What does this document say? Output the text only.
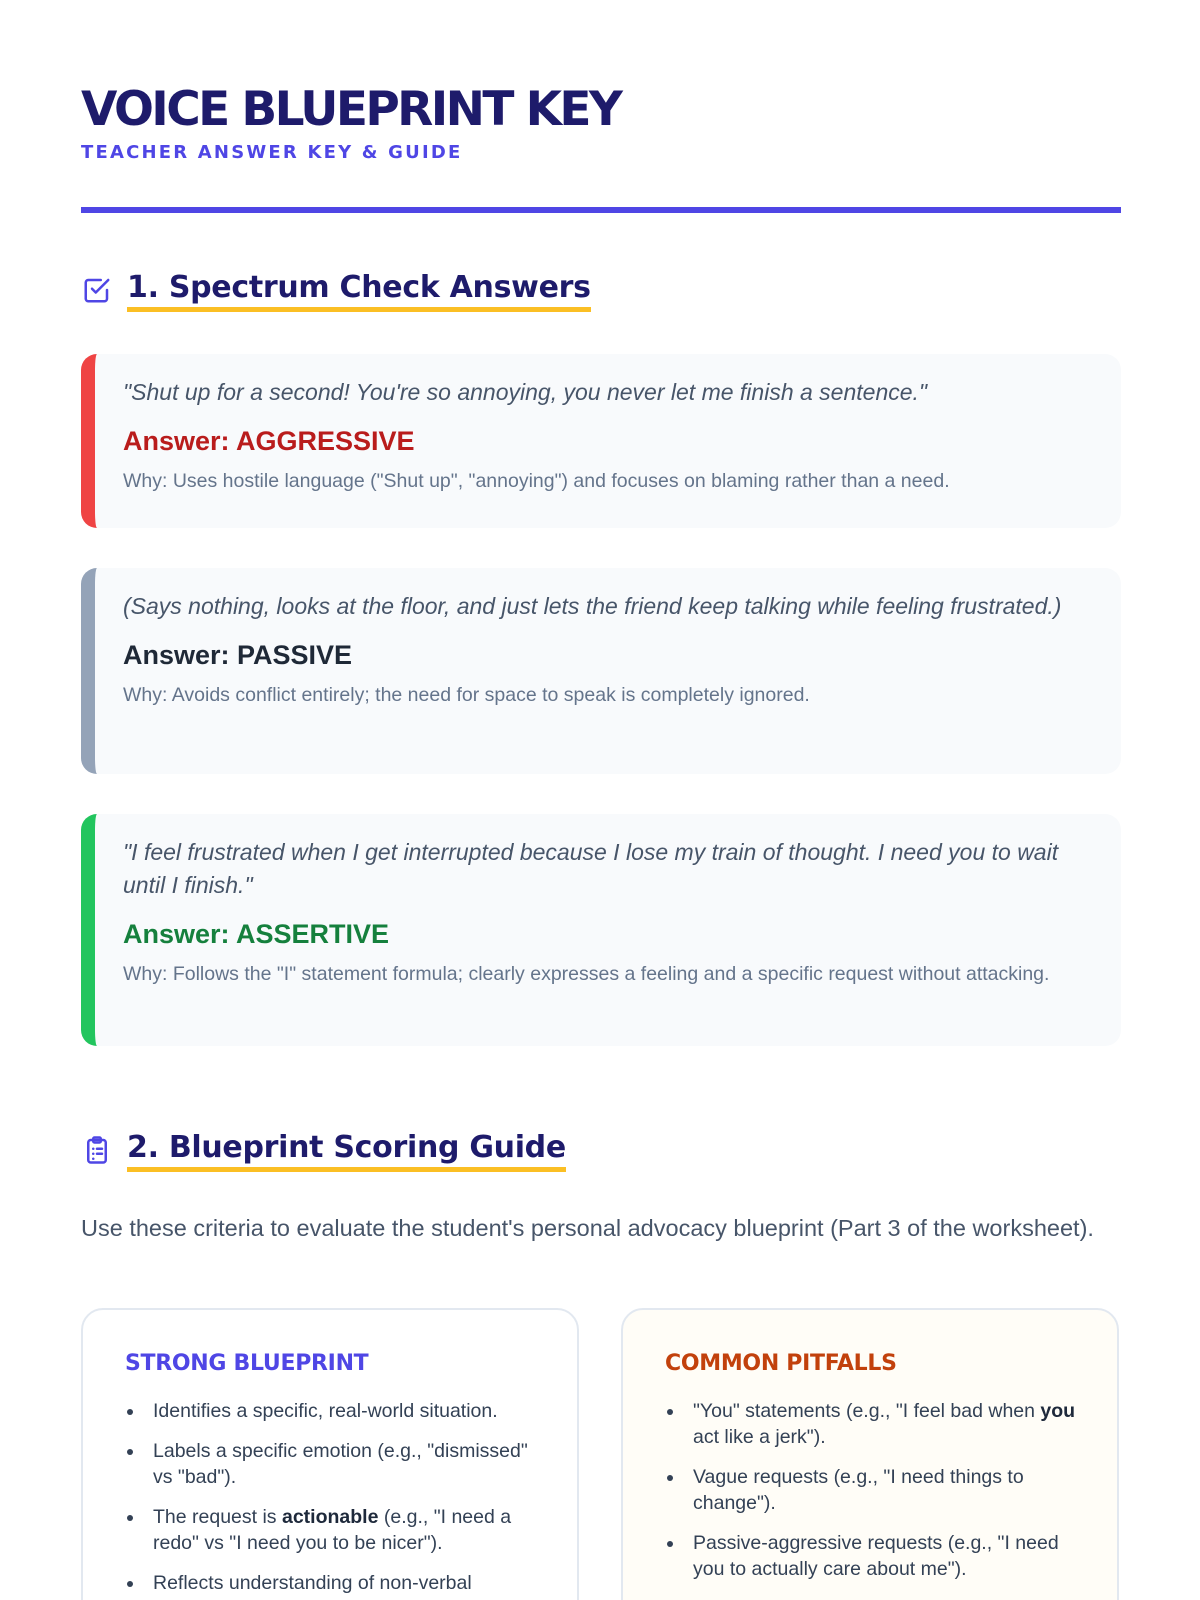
VOICE BLUEPRINT KEY
TEACHER ANSWER KEY & GUIDE
1. Spectrum Check Answers
"Shut up for a second! You're so annoying, you never let me finish a sentence."
Answer: AGGRESSIVE
Why: Uses hostile language ("Shut up", "annoying") and focuses on blaming rather than a need.
(Says nothing, looks at the floor, and just lets the friend keep talking while feeling frustrated.)
Answer: PASSIVE
Why: Avoids conflict entirely; the need for space to speak is completely ignored.
"I feel frustrated when I get interrupted because I lose my train of thought. I need you to wait until I finish."
Answer: ASSERTIVE
Why: Follows the "I" statement formula; clearly expresses a feeling and a specific request without attacking.
2. Blueprint Scoring Guide
Use these criteria to evaluate the student's personal advocacy blueprint (Part 3 of the worksheet).
STRONG BLUEPRINT
Identifies a specific, real-world situation.
Labels a specific emotion (e.g., "dismissed" vs "bad").
The request is actionable (e.g., "I need a redo" vs "I need you to be nicer").
Reflects understanding of non-verbal
COMMON PITFALLS
"You" statements (e.g., "I feel bad when you act like a jerk").
Vague requests (e.g., "I need things to change").
Passive-aggressive requests (e.g., "I need you to actually care about me").
